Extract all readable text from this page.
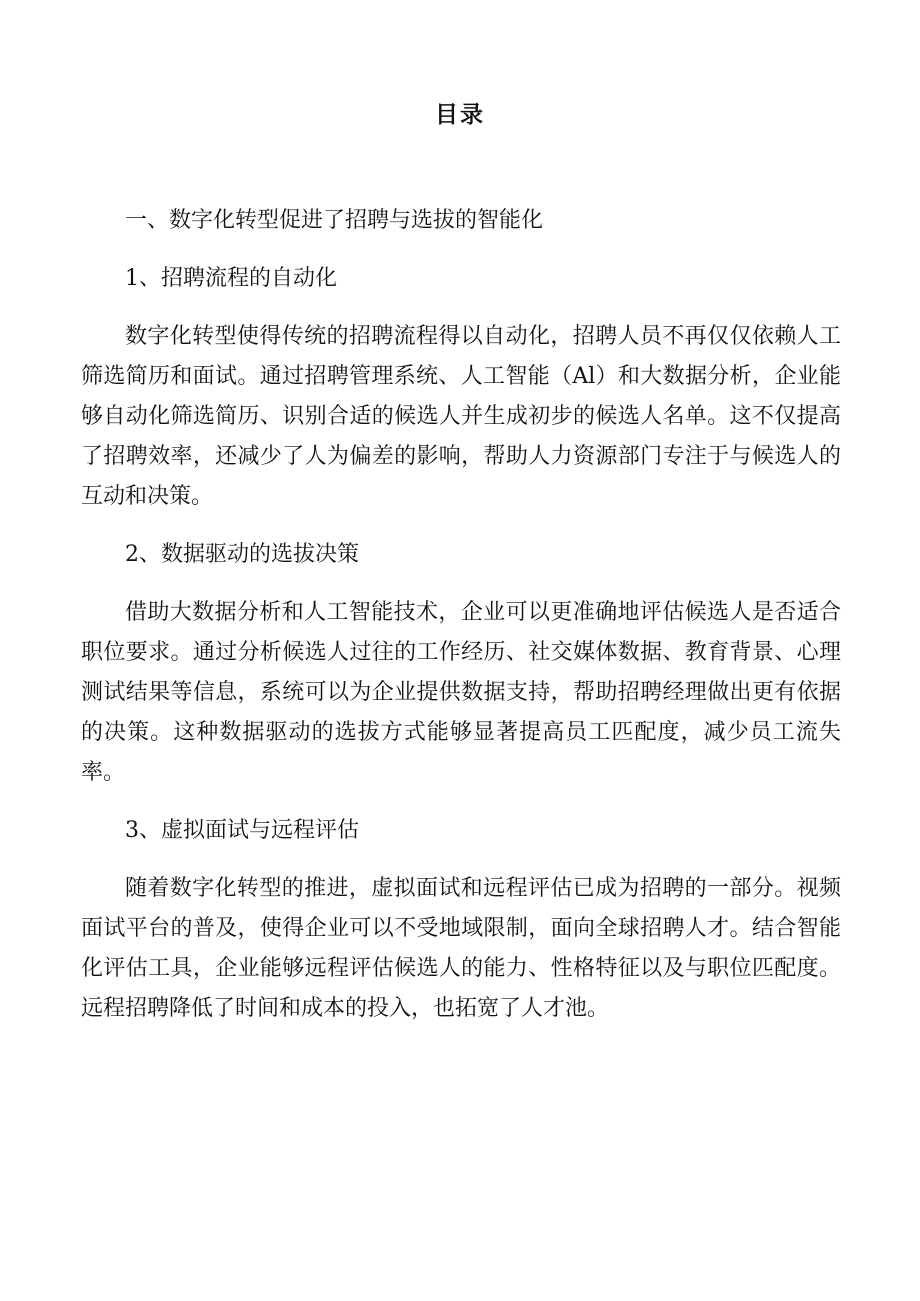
目录
一、数字化转型促进了招聘与选拔的智能化
1、招聘流程的自动化

数字化转型使得传统的招聘流程得以自动化，招聘人员不再仅仅依赖人工筛选简历和面试。通过招聘管理系统、人工智能（Al）和大数据分析，企业能够自动化筛选简历、识别合适的候选人并生成初步的候选人名单。这不仅提高了招聘效率，还减少了人为偏差的影响，帮助人力资源部门专注于与候选人的互动和决策。

2、数据驱动的选拔决策

借助大数据分析和人工智能技术，企业可以更准确地评估候选人是否适合职位要求。通过分析候选人过往的工作经历、社交媒体数据、教育背景、心理测试结果等信息，系统可以为企业提供数据支持，帮助招聘经理做出更有依据的决策。这种数据驱动的选拔方式能够显著提高员工匹配度，减少员工流失率。

3、虚拟面试与远程评估

随着数字化转型的推进，虚拟面试和远程评估已成为招聘的一部分。视频面试平台的普及，使得企业可以不受地域限制，面向全球招聘人才。结合智能化评估工具，企业能够远程评估候选人的能力、性格特征以及与职位匹配度。远程招聘降低了时间和成本的投入，也拓宽了人才池。
